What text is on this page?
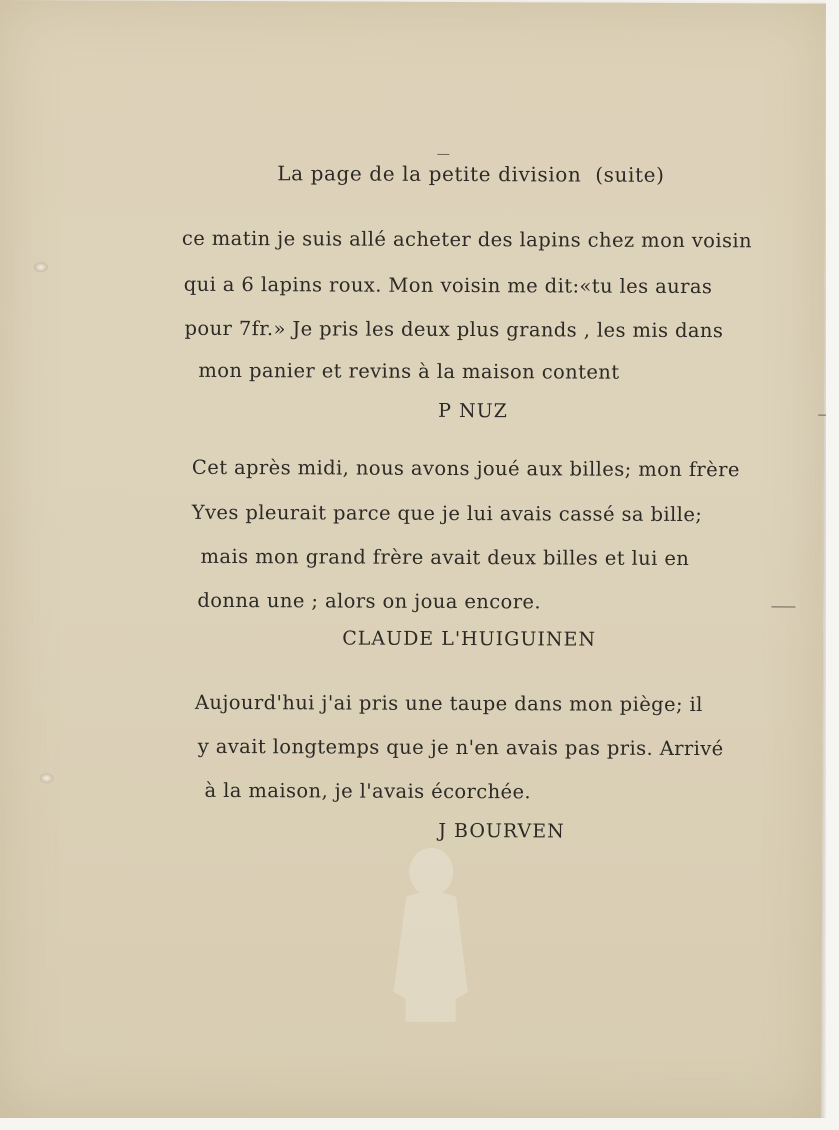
La page de la petite division (suite)
ce matin je suis allé acheter des lapins chez mon voisin
qui a 6 lapins roux. Mon voisin me dit:«tu les auras
pour 7fr.» Je pris les deux plus grands , les mis dans
mon panier et revins à la maison content
P NUZ
Cet après midi, nous avons joué aux billes; mon frère
Yves pleurait parce que je lui avais cassé sa bille;
mais mon grand frère avait deux billes et lui en
donna une ; alors on joua encore.
CLAUDE L'HUIGUINEN
Aujourd'hui j'ai pris une taupe dans mon piège; il
y avait longtemps que je n'en avais pas pris. Arrivé
à la maison, je l'avais écorchée.
J BOURVEN
